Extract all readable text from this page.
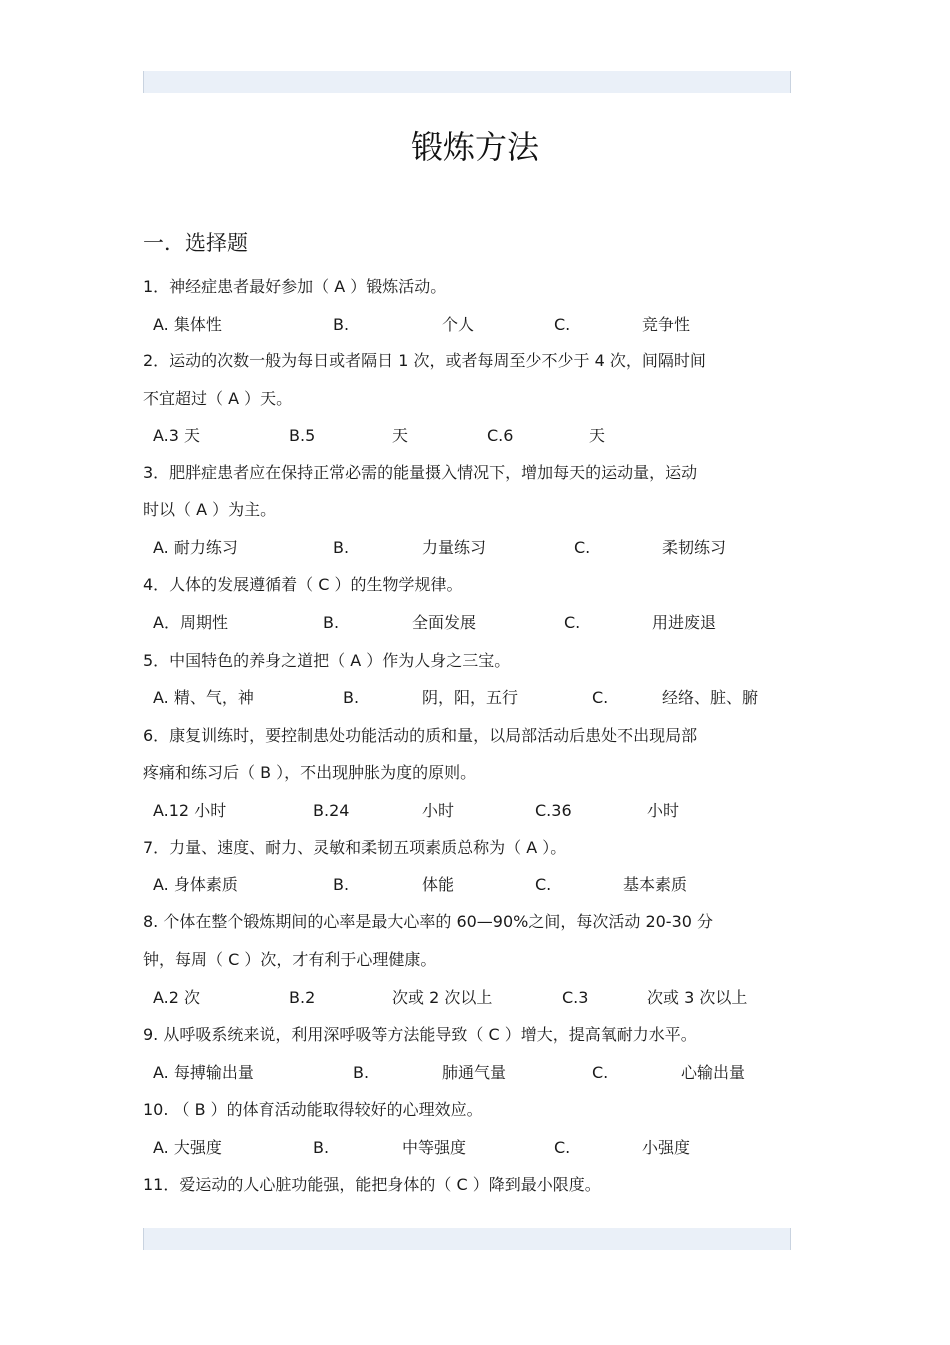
锻炼方法
一．选择题
1．神经症患者最好参加（ A ）锻炼活动。
A. 集体性	B.	个人	C.	竞争性
2．运动的次数一般为每日或者隔日 1 次，或者每周至少不少于 4 次，间隔时间
不宜超过（ A ）天。
A.3 天	B.5	天	C.6	天
3．肥胖症患者应在保持正常必需的能量摄入情况下，增加每天的运动量，运动
时以（ A ）为主。
A. 耐力练习	B.	力量练习	C.	柔韧练习
4．人体的发展遵循着（ C ）的生物学规律。
A．周期性	B.	全面发展	C.	用进废退
5．中国特色的养身之道把（ A ）作为人身之三宝。
A. 精、气，神	B.	阴，阳，五行	C.	经络、脏、腑
6．康复训练时，要控制患处功能活动的质和量，以局部活动后患处不出现局部
疼痛和练习后（ B ），不出现肿胀为度的原则。
A.12 小时	B.24	小时	C.36	小时
7．力量、速度、耐力、灵敏和柔韧五项素质总称为（ A ）。
A. 身体素质	B.	体能	C.	基本素质
8. 个体在整个锻炼期间的心率是最大心率的 60—90%之间，每次活动 20-30 分
钟，每周（ C ）次，才有利于心理健康。
A.2 次	B.2	次或 2 次以上	C.3	次或 3 次以上
9. 从呼吸系统来说，利用深呼吸等方法能导致（ C ）增大，提高氧耐力水平。
A. 每搏输出量	B.	肺通气量	C.	心输出量
10. （ B ）的体育活动能取得较好的心理效应。
A. 大强度	B.	中等强度	C.	小强度
11．爱运动的人心脏功能强，能把身体的（ C ）降到最小限度。
